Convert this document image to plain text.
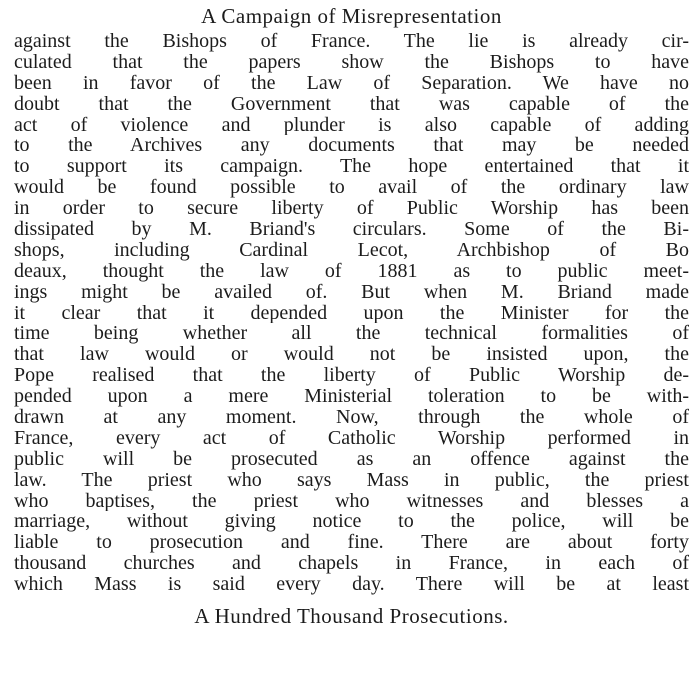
A Campaign of Misrepresentation
against the Bishops of France. The lie is already cir-
culated that the papers show the Bishops to have
been in favor of the Law of Separation. We have no
doubt that the Government that was capable of the
act of violence and plunder is also capable of adding
to the Archives any documents that may be needed
to support its campaign. The hope entertained that it
would be found possible to avail of the ordinary law
in order to secure liberty of Public Worship has been
dissipated by M. Briand's circulars. Some of the Bi-
shops, including Cardinal Lecot, Archbishop of Bo
deaux, thought the law of 1881 as to public meet-
ings might be availed of. But when M. Briand made
it clear that it depended upon the Minister for the
time being whether all the technical formalities of
that law would or would not be insisted upon, the
Pope realised that the liberty of Public Worship de-
pended upon a mere Ministerial toleration to be with-
drawn at any moment. Now, through the whole of
France, every act of Catholic Worship performed in
public will be prosecuted as an offence against the
law. The priest who says Mass in public, the priest
who baptises, the priest who witnesses and blesses a
marriage, without giving notice to the police, will be
liable to prosecution and fine. There are about forty
thousand churches and chapels in France, in each of
which Mass is said every day. There will be at least
A Hundred Thousand Prosecutions.
